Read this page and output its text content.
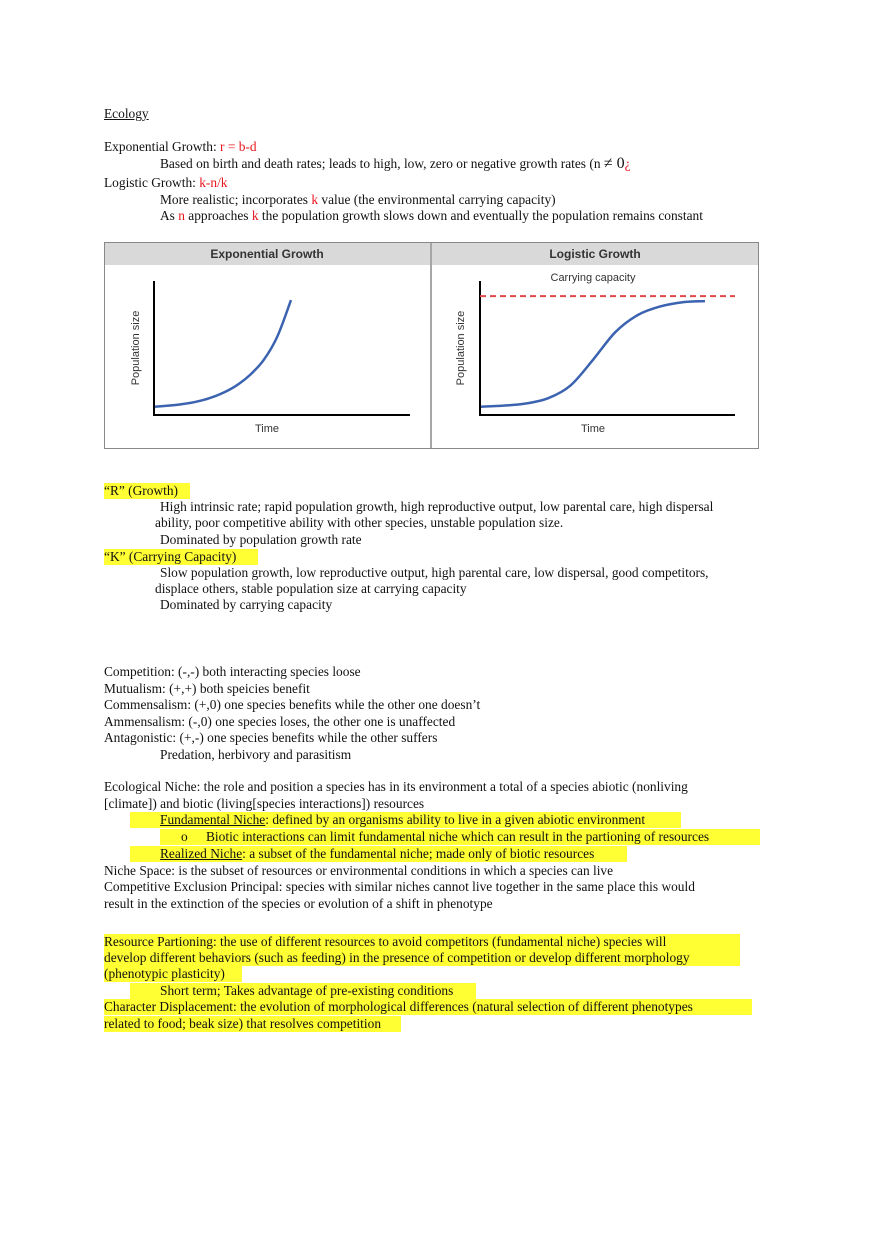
Ecology
Exponential Growth: r = b-d
Based on birth and death rates; leads to high, low, zero or negative growth rates (n ≠ 0¿
Logistic Growth: k-n/k
More realistic; incorporates k value (the environmental carrying capacity)
As n approaches k the population growth slows down and eventually the population remains constant
Exponential Growth
Time
Population size
Logistic Growth
Time
Population size
Carrying capacity
“R” (Growth)
High intrinsic rate; rapid population growth, high reproductive output, low parental care, high dispersal
ability, poor competitive ability with other species, unstable population size.
Dominated by population growth rate
“K” (Carrying Capacity)
Slow population growth, low reproductive output, high parental care, low dispersal, good competitors,
displace others, stable population size at carrying capacity
Dominated by carrying capacity
Competition: (-,-) both interacting species loose
Mutualism: (+,+) both speicies benefit
Commensalism: (+,0) one species benefits while the other one doesn’t
Ammensalism: (-,0) one species loses, the other one is unaffected
Antagonistic: (+,-) one species benefits while the other suffers
Predation, herbivory and parasitism
Ecological Niche: the role and position a species has in its environment a total of a species abiotic (nonliving
[climate]) and biotic (living[species interactions]) resources
Fundamental Niche: defined by an organisms ability to live in a given abiotic environment
o Biotic interactions can limit fundamental niche which can result in the partioning of resources
Realized Niche: a subset of the fundamental niche; made only of biotic resources
Niche Space: is the subset of resources or environmental conditions in which a species can live
Competitive Exclusion Principal: species with similar niches cannot live together in the same place this would
result in the extinction of the species or evolution of a shift in phenotype
Resource Partioning: the use of different resources to avoid competitors (fundamental niche) species will
develop different behaviors (such as feeding) in the presence of competition or develop different morphology
(phenotypic plasticity)
Short term; Takes advantage of pre-existing conditions
Character Displacement: the evolution of morphological differences (natural selection of different phenotypes
related to food; beak size) that resolves competition
